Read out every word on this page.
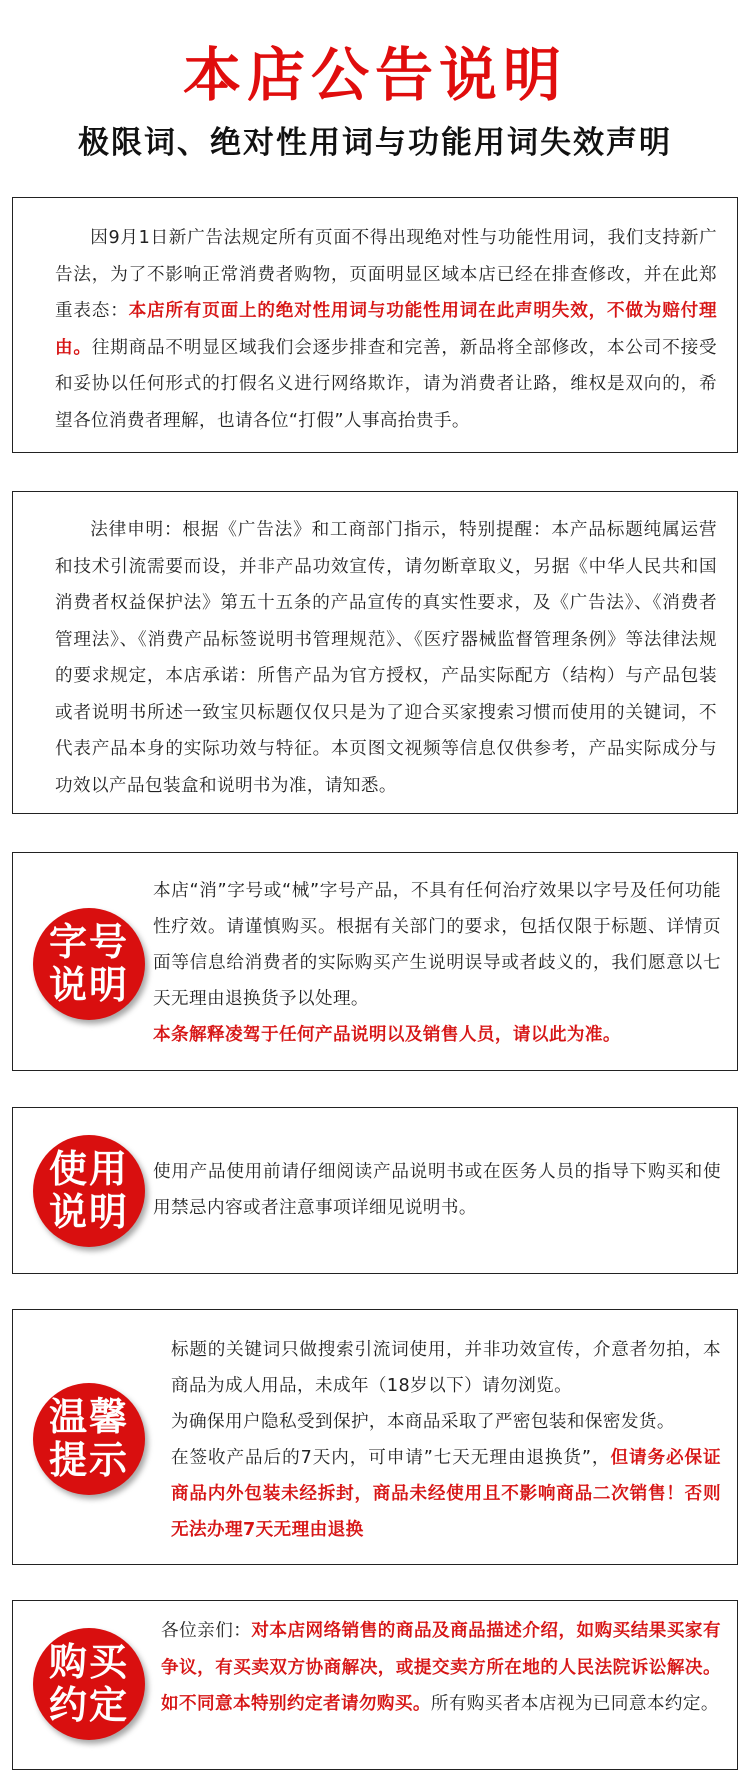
本店公告说明
极限词、绝对性用词与功能用词失效声明
因9月1日新广告法规定所有页面不得出现绝对性与功能性用词，我们支持新广告法，为了不影响正常消费者购物，页面明显区域本店已经在排查修改，并在此郑重表态：本店所有页面上的绝对性用词与功能性用词在此声明失效，不做为赔付理由。往期商品不明显区域我们会逐步排查和完善，新品将全部修改，本公司不接受和妥协以任何形式的打假名义进行网络欺诈，请为消费者让路，维权是双向的，希望各位消费者理解，也请各位“打假”人事高抬贵手。
法律申明：根据《广告法》和工商部门指示，特别提醒：本产品标题纯属运营和技术引流需要而设，并非产品功效宣传，请勿断章取义，另据《中华人民共和国消费者权益保护法》第五十五条的产品宣传的真实性要求，及《广告法》、《消费者管理法》、《消费产品标签说明书管理规范》、《医疗器械监督管理条例》等法律法规的要求规定，本店承诺：所售产品为官方授权，产品实际配方（结构）与产品包装或者说明书所述一致宝贝标题仅仅只是为了迎合买家搜索习惯而使用的关键词，不代表产品本身的实际功效与特征。本页图文视频等信息仅供参考，产品实际成分与功效以产品包装盒和说明书为准，请知悉。
字号说明

本店“消”字号或“械”字号产品，不具有任何治疗效果以字号及任何功能性疗效。请谨慎购买。根据有关部门的要求，包括仅限于标题、详情页面等信息给消费者的实际购买产生说明误导或者歧义的，我们愿意以七天无理由退换货予以处理。

本条解释凌驾于任何产品说明以及销售人员，请以此为准。

使用说明

使用产品使用前请仔细阅读产品说明书或在医务人员的指导下购买和使用禁忌内容或者注意事项详细见说明书。

温馨提示

标题的关键词只做搜索引流词使用，并非功效宣传，介意者勿拍，本商品为成人用品，未成年（18岁以下）请勿浏览。

为确保用户隐私受到保护，本商品采取了严密包装和保密发货。

在签收产品后的7天内，可申请”七天无理由退换货”，但请务必保证商品内外包装未经拆封，商品未经使用且不影响商品二次销售！否则无法办理7天无理由退换

购买约定

各位亲们：对本店网络销售的商品及商品描述介绍，如购买结果买家有争议，有买卖双方协商解决，或提交卖方所在地的人民法院诉讼解决。如不同意本特别约定者请勿购买。所有购买者本店视为已同意本约定。
